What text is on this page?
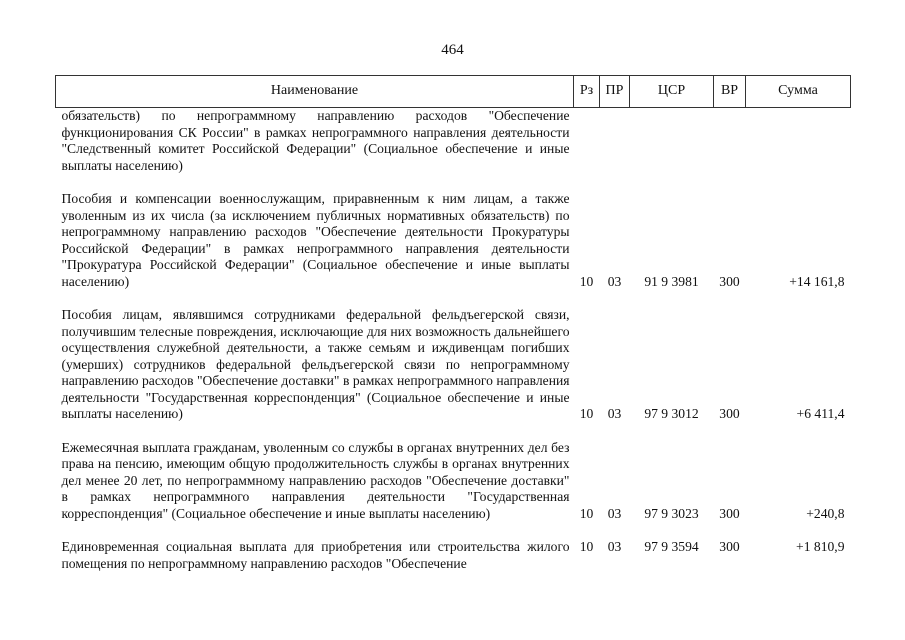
464
Наименование	Рз	ПР	ЦСР	ВР	Сумма
обязательств) по непрограммному направлению расходов "Обеспечение функционирования СК России" в рамках непрограммного направления деятельности "Следственный комитет Российской Федерации" (Социальное обеспечение и иные выплаты населению)					
Пособия и компенсации военнослужащим, приравненным к ним лицам, а также уволенным из их числа (за исключением публичных нормативных обязательств) по непрограммному направлению расходов "Обеспечение деятельности Прокуратуры Российской Федерации" в рамках непрограммного направления деятельности "Прокуратура Российской Федерации" (Социальное обеспечение и иные выплаты населению)	10	03	91 9 3981	300	+14 161,8
Пособия лицам, являвшимся сотрудниками федеральной фельдъегерской связи, получившим телесные повреждения, исключающие для них возможность дальнейшего осуществления служебной деятельности, а также семьям и иждивенцам погибших (умерших) сотрудников федеральной фельдъегерской связи по непрограммному направлению расходов "Обеспечение доставки" в рамках непрограммного направления деятельности "Государственная корреспонденция" (Социальное обеспечение и иные выплаты населению)	10	03	97 9 3012	300	+6 411,4
Ежемесячная выплата гражданам, уволенным со службы в органах внутренних дел без права на пенсию, имеющим общую продолжительность службы в органах внутренних дел менее 20 лет, по непрограммному направлению расходов "Обеспечение доставки" в рамках непрограммного направления деятельности "Государственная корреспонденция" (Социальное обеспечение и иные выплаты населению)	10	03	97 9 3023	300	+240,8
Единовременная социальная выплата для приобретения или строительства жилого помещения по непрограммному направлению расходов "Обеспечение	10	03	97 9 3594	300	+1 810,9
